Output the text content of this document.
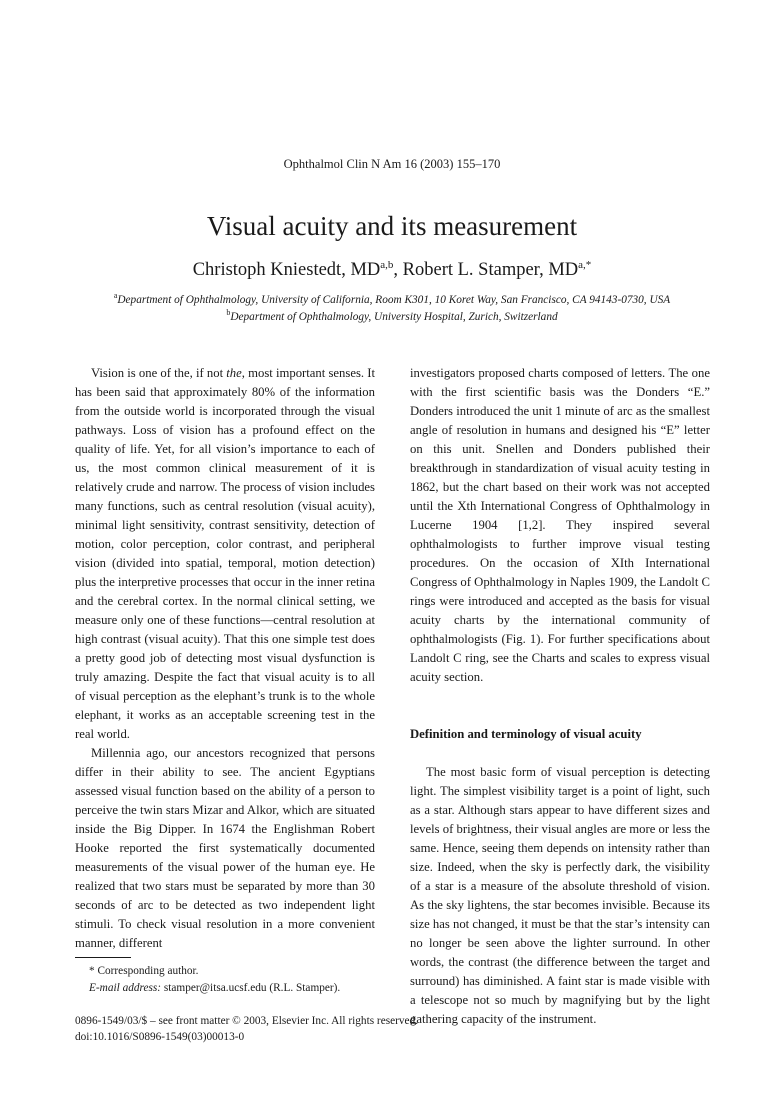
Ophthalmol Clin N Am 16 (2003) 155–170
Visual acuity and its measurement
Christoph Kniestedt, MD$^{a,b}$, Robert L. Stamper, $MD^{a,*}$
$^a$Department of Ophthalmology, University of California, Room K301, 10 Koret Way, San Francisco, CA 94143-0730, USA
$^b$Department of Ophthalmology, University Hospital, Zurich, Switzerland

Vision is one of the, if not the, most important senses. It has been said that approximately 80% of the information from the outside world is incorporated through the visual pathways. Loss of vision has a profound effect on the quality of life. Yet, for all vision’s importance to each of us, the most common clinical measurement of it is relatively crude and narrow. The process of vision includes many functions, such as central resolution (visual acuity), minimal light sensitivity, contrast sensitivity, detection of motion, color perception, color contrast, and peripheral vision (divided into spatial, temporal, motion detection) plus the interpretive processes that occur in the inner retina and the cerebral cortex. In the normal clinical setting, we measure only one of these functions—central resolution at high contrast (visual acuity). That this one simple test does a pretty good job of detecting most visual dysfunction is truly amazing. Despite the fact that visual acuity is to all of visual perception as the elephant’s trunk is to the whole elephant, it works as an acceptable screening test in the real world.

Millennia ago, our ancestors recognized that persons differ in their ability to see. The ancient Egyptians assessed visual function based on the ability of a person to perceive the twin stars Mizar and Alkor, which are situated inside the Big Dipper. In 1674 the Englishman Robert Hooke reported the first systematically documented measurements of the visual power of the human eye. He realized that two stars must be separated by more than 30 seconds of arc to be detected as two independent light stimuli. To check visual resolution in a more convenient manner, different

investigators proposed charts composed of letters. The one with the first scientific basis was the Donders “E.” Donders introduced the unit 1 minute of arc as the smallest angle of resolution in humans and designed his “E” letter on this unit. Snellen and Donders published their breakthrough in standardization of visual acuity testing in 1862, but the chart based on their work was not accepted until the Xth International Congress of Ophthalmology in Lucerne 1904 [1,2]. They inspired several ophthalmologists to further improve visual testing procedures. On the occasion of XIth International Congress of Ophthalmology in Naples 1909, the Landolt C rings were introduced and accepted as the basis for visual acuity charts by the international community of ophthalmologists (Fig. 1). For further specifications about Landolt C ring, see the Charts and scales to express visual acuity section.

Definition and terminology of visual acuity

The most basic form of visual perception is detecting light. The simplest visibility target is a point of light, such as a star. Although stars appear to have different sizes and levels of brightness, their visual angles are more or less the same. Hence, seeing them depends on intensity rather than size. Indeed, when the sky is perfectly dark, the visibility of a star is a measure of the absolute threshold of vision. As the sky lightens, the star becomes invisible. Because its size has not changed, it must be that the star’s intensity can no longer be seen above the lighter surround. In other words, the contrast (the difference between the target and surround) has diminished. A faint star is made visible with a telescope not so much by magnifying but by the light gathering capacity of the instrument.

* Corresponding author.
E-mail address: stamper@itsa.ucsf.edu (R.L. Stamper).
0896-1549/03/$ – see front matter © 2003, Elsevier Inc. All rights reserved.
doi:10.1016/S0896-1549(03)00013-0
